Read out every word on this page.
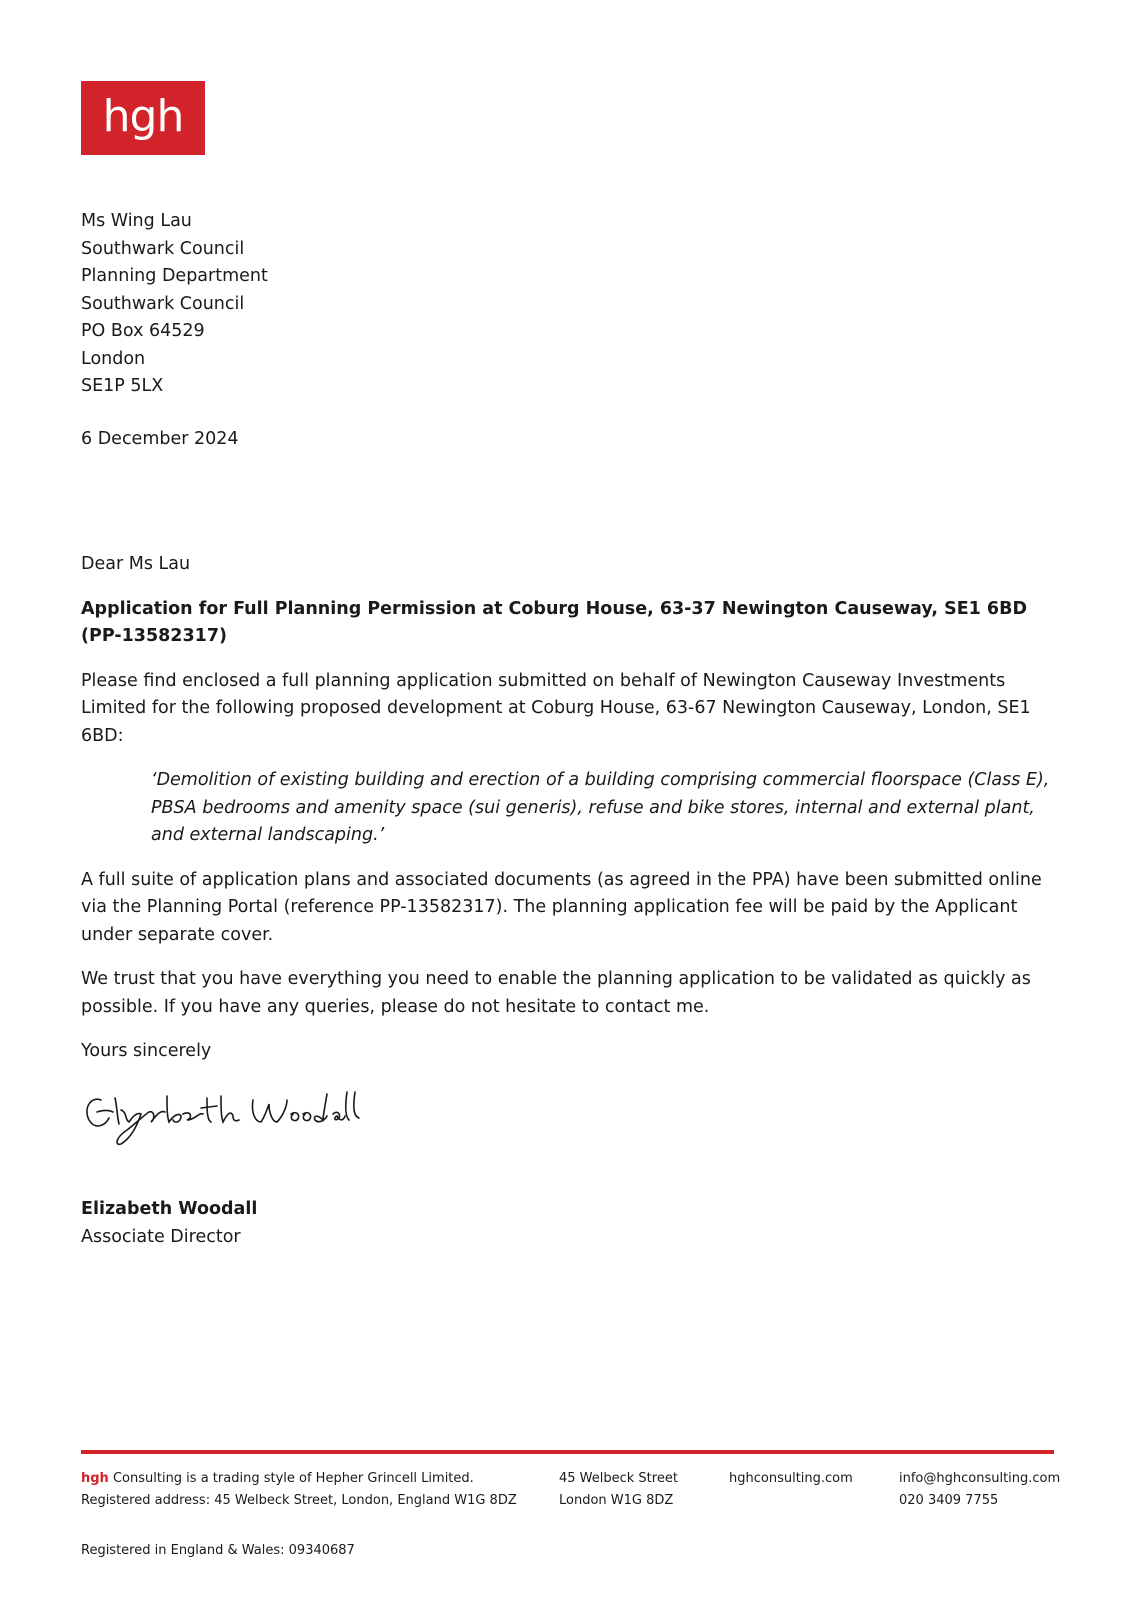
hgh
Ms Wing Lau
Southwark Council
Planning Department
Southwark Council
PO Box 64529
London
SE1P 5LX
6 December 2024

Dear Ms Lau

Application for Full Planning Permission at Coburg House, 63-37 Newington Causeway, SE1 6BD (PP-13582317)

Please find enclosed a full planning application submitted on behalf of Newington Causeway Investments Limited for the following proposed development at Coburg House, 63-67 Newington Causeway, London, SE1 6BD:

‘Demolition of existing building and erection of a building comprising commercial floorspace (Class E), PBSA bedrooms and amenity space (sui generis), refuse and bike stores, internal and external plant, and external landscaping.’

A full suite of application plans and associated documents (as agreed in the PPA) have been submitted online via the Planning Portal (reference PP-13582317). The planning application fee will be paid by the Applicant under separate cover.

We trust that you have everything you need to enable the planning application to be validated as quickly as possible. If you have any queries, please do not hesitate to contact me.

Yours sincerely

Elizabeth Woodall
Associate Director
hgh Consulting is a trading style of Hepher Grincell Limited.
Registered address: 45 Welbeck Street, London, England W1G 8DZ
45 Welbeck Street
London W1G 8DZ
hghconsulting.com	info@hghconsulting.com
020 3409 7755
Registered in England & Wales: 09340687
